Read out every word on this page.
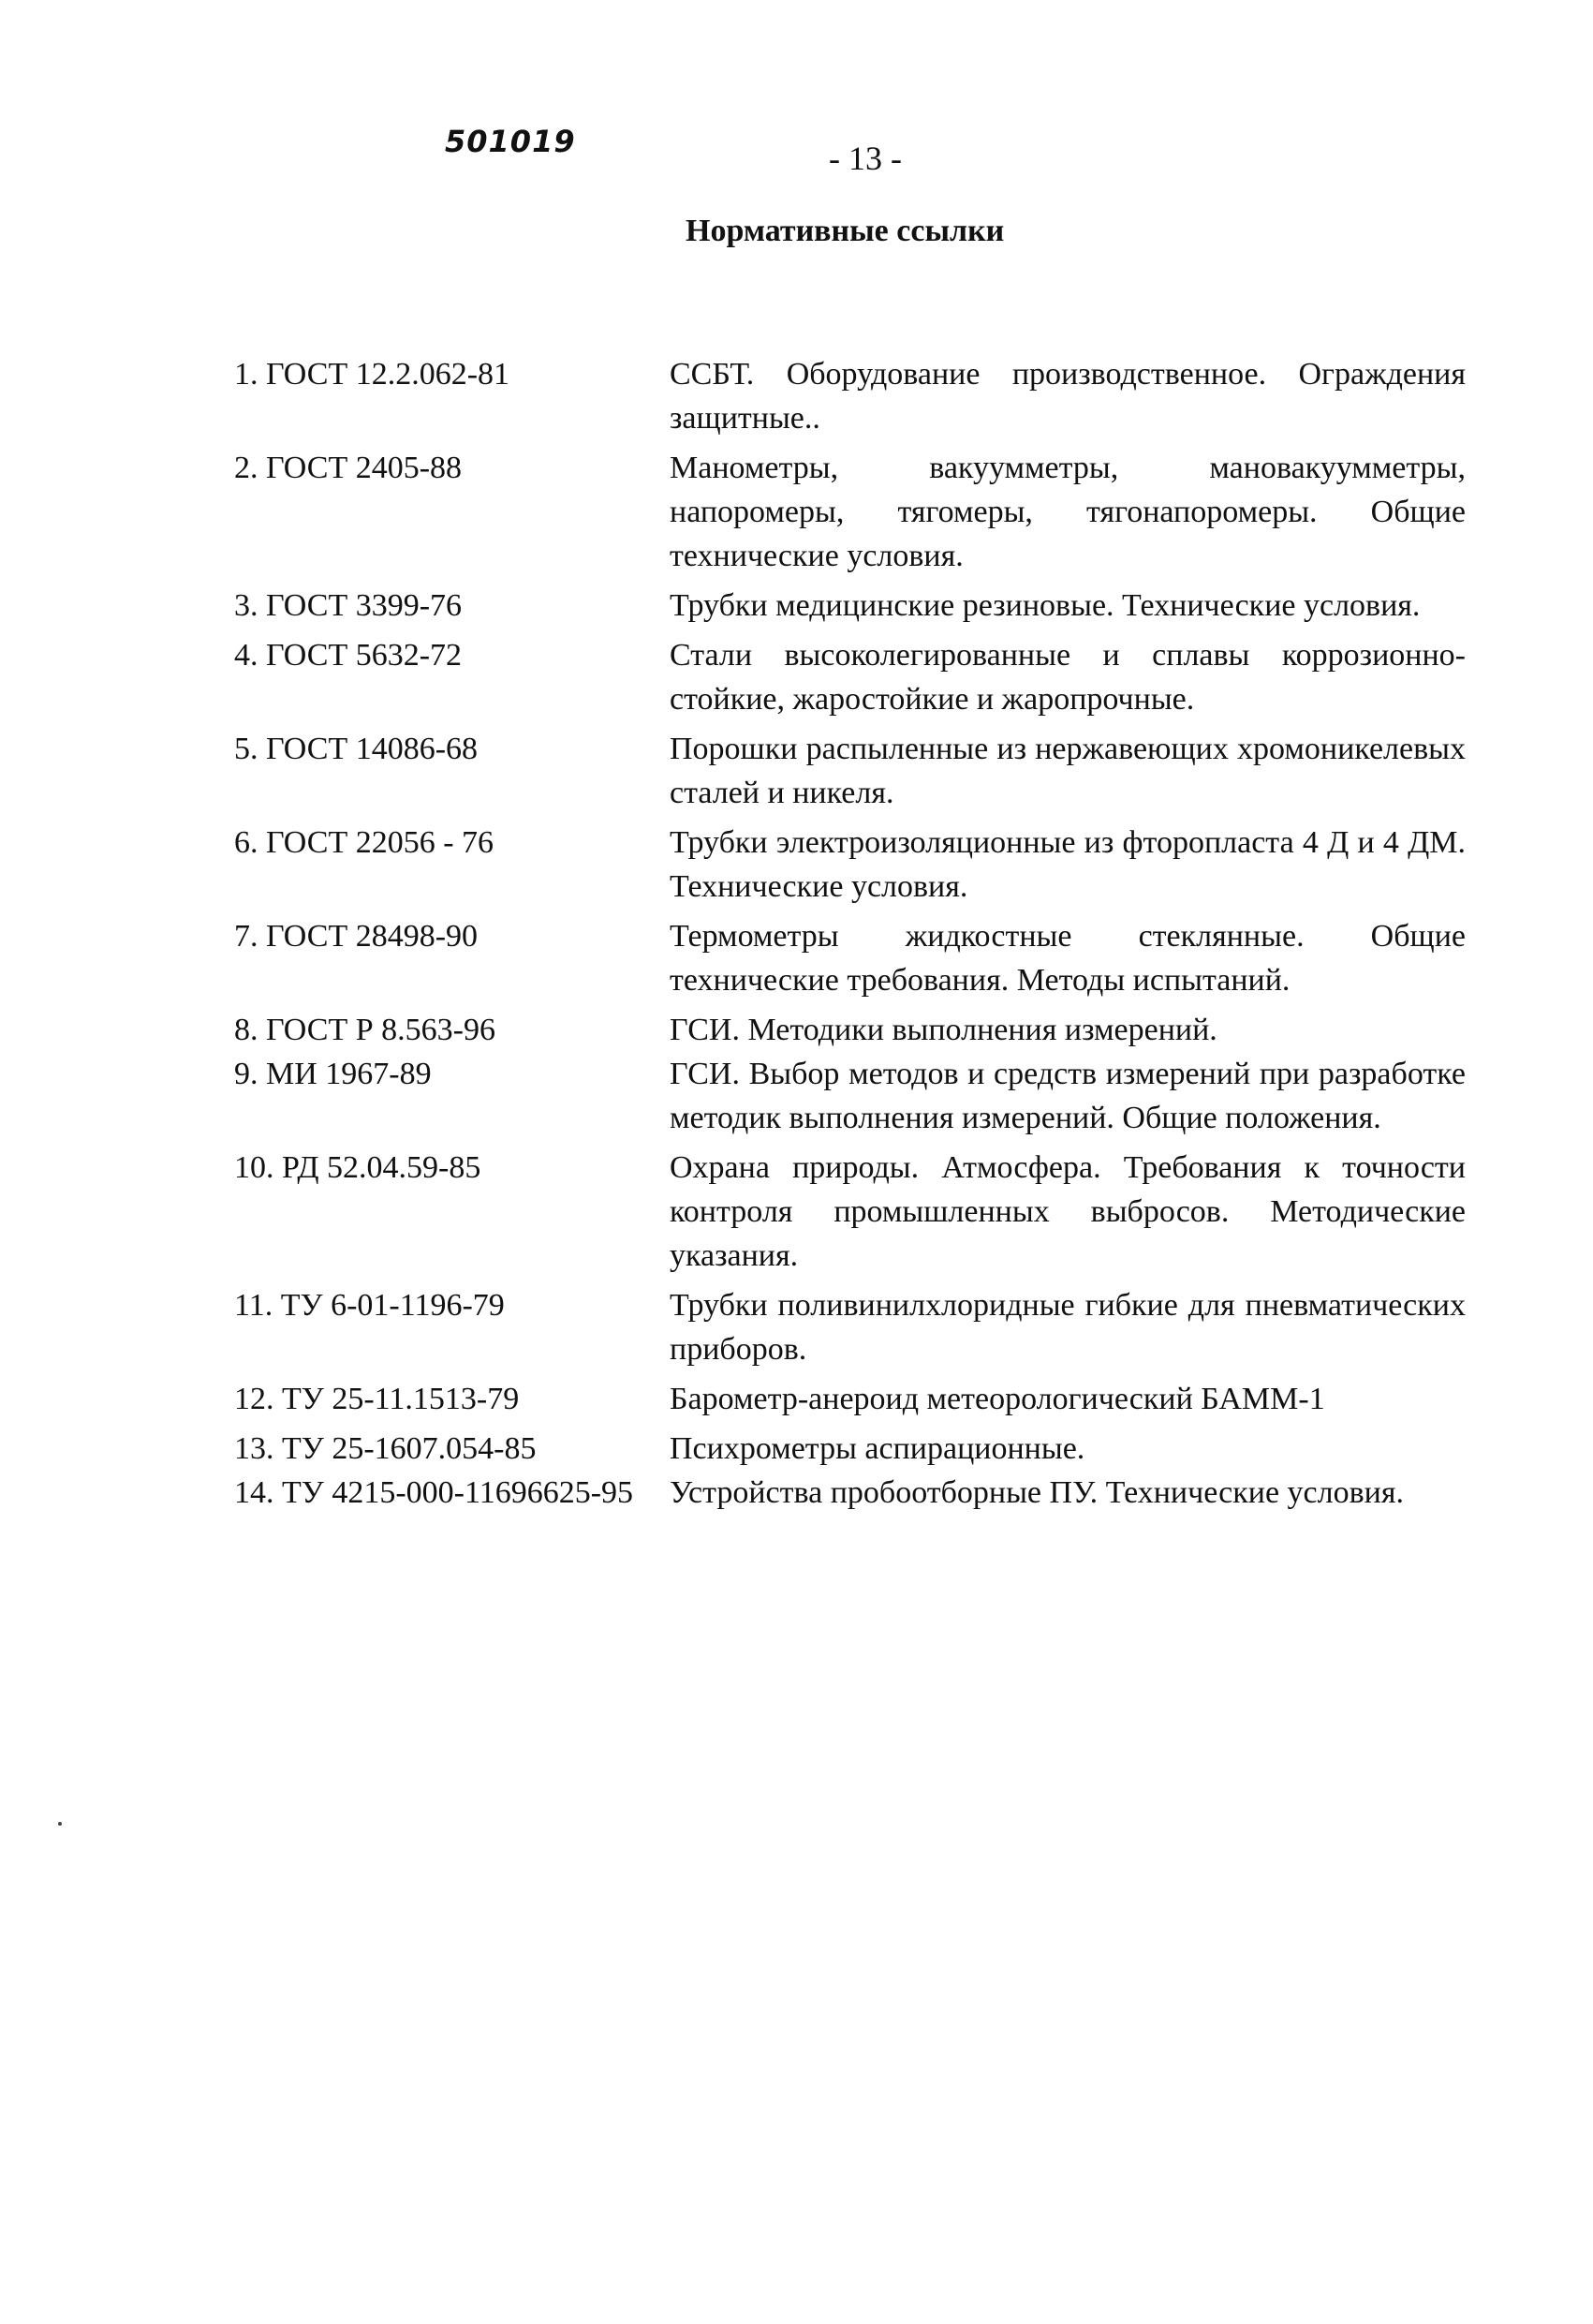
501019	- 13 -
Нормативные ссылки
1. ГОСТ 12.2.062-81	ССБТ. Оборудование производственное. Ограждения защитные..
2. ГОСТ 2405-88	Манометры, вакуумметры, мановакуумметры, напоромеры, тягомеры, тягонапоромеры. Общие технические условия.
3. ГОСТ 3399-76	Трубки медицинские резиновые. Технические условия.
4. ГОСТ 5632-72	Стали высоколегированные и сплавы коррозионно-стойкие, жаростойкие и жаропрочные.
5. ГОСТ 14086-68	Порошки распыленные из нержавеющих хромоникелевых сталей и никеля.
6. ГОСТ 22056 - 76	Трубки электроизоляционные из фторопласта 4 Д и 4 ДМ. Технические условия.
7. ГОСТ 28498-90	Термометры жидкостные стеклянные. Общие технические требования. Методы испытаний.
8. ГОСТ Р 8.563-96	ГСИ. Методики выполнения измерений.
9. МИ 1967-89	ГСИ. Выбор методов и средств измерений при разработке методик выполнения измерений. Общие положения.
10. РД 52.04.59-85	Охрана природы. Атмосфера. Требования к точности контроля промышленных выбросов. Методические указания.
11. ТУ 6-01-1196-79	Трубки поливинилхлоридные гибкие для пневматических приборов.
12. ТУ 25-11.1513-79	Барометр-анероид метеорологический БАММ-1
13. ТУ 25-1607.054-85	Психрометры аспирационные.
14. ТУ 4215-000-11696625-95	Устройства пробоотборные ПУ. Технические условия.
